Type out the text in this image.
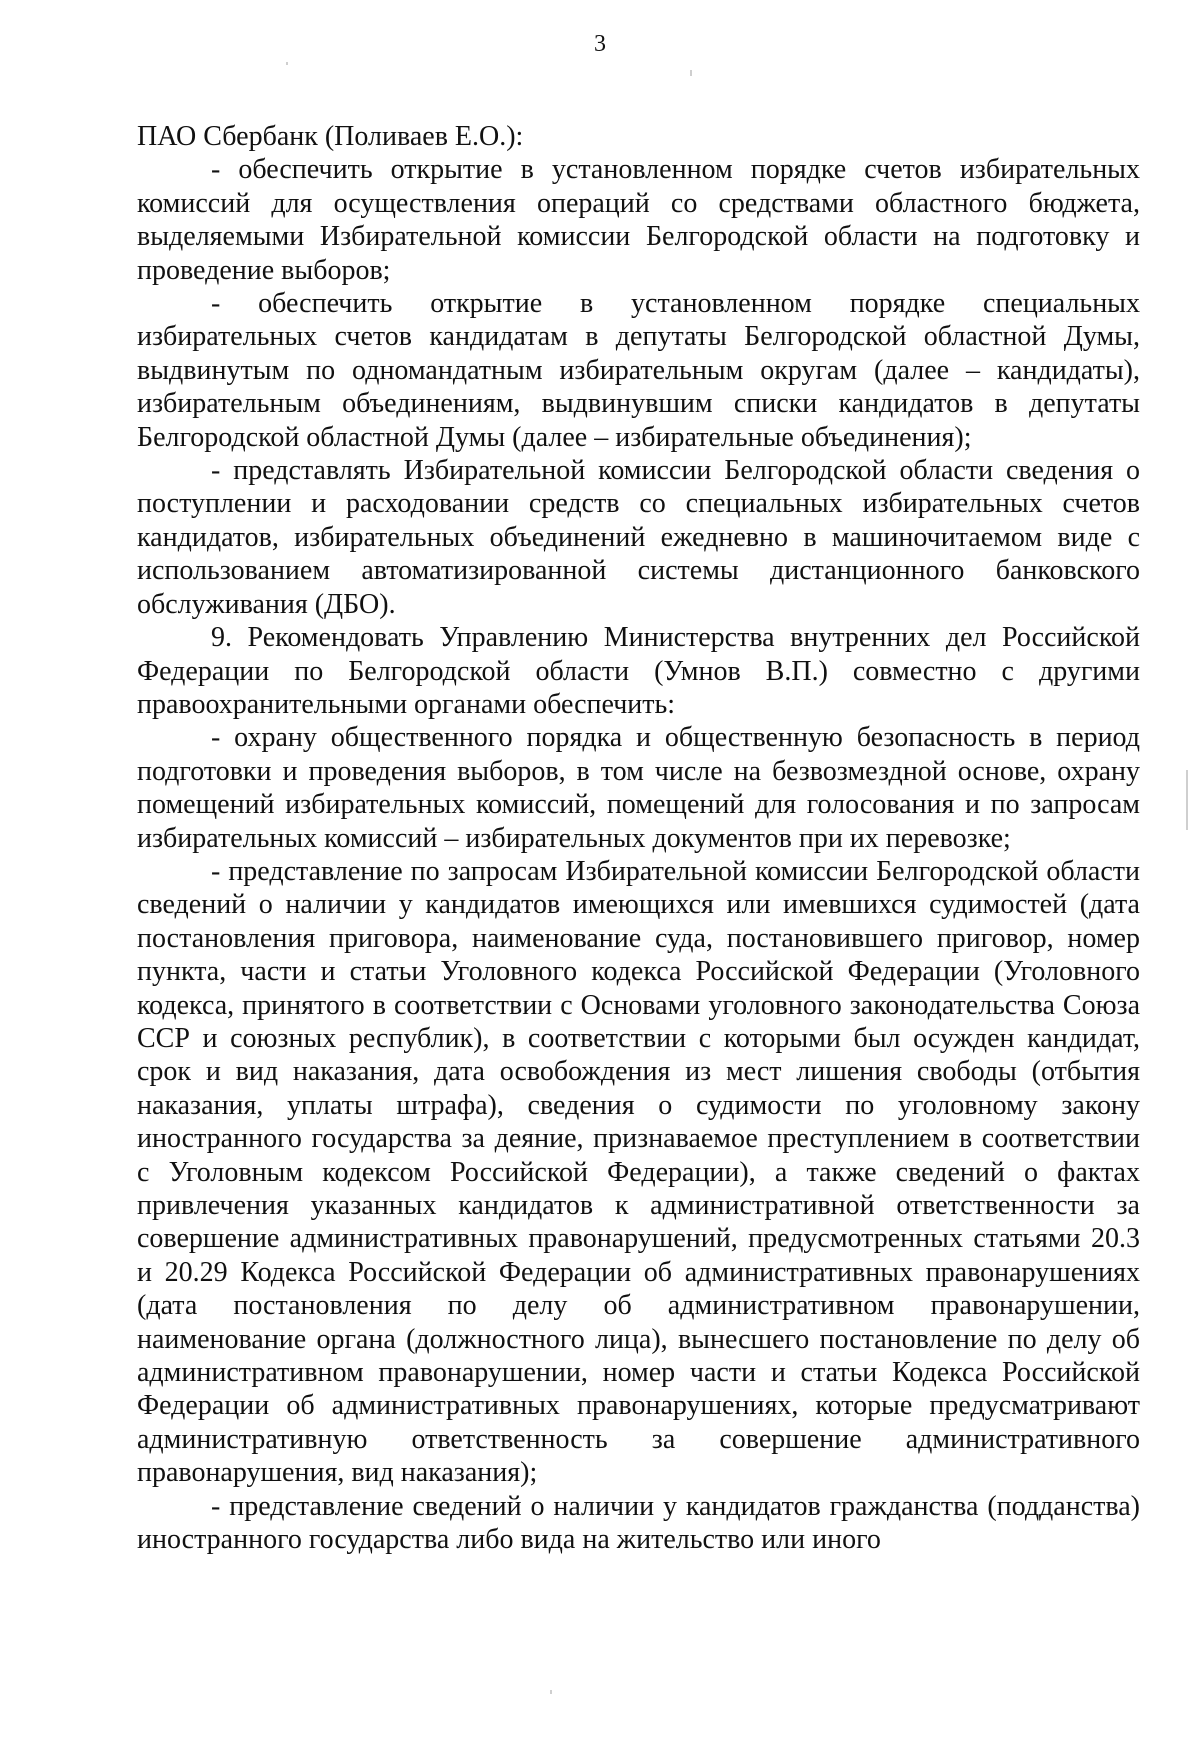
3

ПАО Сбербанк (Поливаев Е.О.):

- обеспечить открытие в установленном порядке счетов избирательных комиссий для осуществления операций со средствами областного бюджета, выделяемыми Избирательной комиссии Белгородской области на подготовку и проведение выборов;

- обеспечить открытие в установленном порядке специальных избирательных счетов кандидатам в депутаты Белгородской областной Думы, выдвинутым по одномандатным избирательным округам (далее – кандидаты), избирательным объединениям, выдвинувшим списки кандидатов в депутаты Белгородской областной Думы (далее – избирательные объединения);

- представлять Избирательной комиссии Белгородской области сведения о поступлении и расходовании средств со специальных избирательных счетов кандидатов, избирательных объединений ежедневно в машиночитаемом виде с использованием автоматизированной системы дистанционного банковского обслуживания (ДБО).

9. Рекомендовать Управлению Министерства внутренних дел Российской Федерации по Белгородской области (Умнов В.П.) совместно с другими правоохранительными органами обеспечить:

- охрану общественного порядка и общественную безопасность в период подготовки и проведения выборов, в том числе на безвозмездной основе, охрану помещений избирательных комиссий, помещений для голосования и по запросам избирательных комиссий – избирательных документов при их перевозке;

- представление по запросам Избирательной комиссии Белгородской области сведений о наличии у кандидатов имеющихся или имевшихся судимостей (дата постановления приговора, наименование суда, постановившего приговор, номер пункта, части и статьи Уголовного кодекса Российской Федерации (Уголовного кодекса, принятого в соответствии с Основами уголовного законодательства Союза ССР и союзных республик), в соответствии с которыми был осужден кандидат, срок и вид наказания, дата освобождения из мест лишения свободы (отбытия наказания, уплаты штрафа), сведения о судимости по уголовному закону иностранного государства за деяние, признаваемое преступлением в соответствии с Уголовным кодексом Российской Федерации), а также сведений о фактах привлечения указанных кандидатов к административной ответственности за совершение административных правонарушений, предусмотренных статьями 20.3 и 20.29 Кодекса Российской Федерации об административных правонарушениях (дата постановления по делу об административном правонарушении, наименование органа (должностного лица), вынесшего постановление по делу об административном правонарушении, номер части и статьи Кодекса Российской Федерации об административных правонарушениях, которые предусматривают административную ответственность за совершение административного правонарушения, вид наказания);

- представление сведений о наличии у кандидатов гражданства (подданства) иностранного государства либо вида на жительство или иного
